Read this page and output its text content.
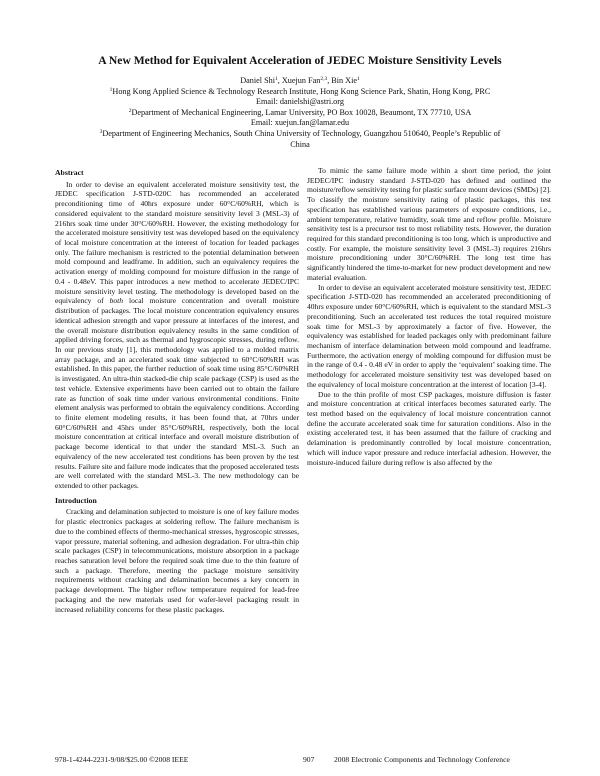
A New Method for Equivalent Acceleration of JEDEC Moisture Sensitivity Levels
Daniel Shi$^1$, Xuejun Fan$^{2,3}$, Bin Xie$^1$
$^1$Hong Kong Applied Science & Technology Research Institute, Hong Kong Science Park, Shatin, Hong Kong, PRC
Email: danielshi@astri.org
$^2$Department of Mechanical Engineering, Lamar University, PO Box 10028, Beaumont, TX 77710, USA
Email: xuejun.fan@lamar.edu
$^3$Department of Engineering Mechanics, South China University of Technology, Guangzhou 510640, People’s Republic of
China
Abstract

In order to devise an equivalent accelerated moisture sensitivity test, the JEDEC specification J-STD-020C has recommended an accelerated preconditioning time of 40hrs exposure under 60°C/60%RH, which is considered equivalent to the standard moisture sensitivity level 3 (MSL-3) of 216hrs soak time under 30°C/60%RH. However, the existing methodology for the accelerated moisture sensitivity test was developed based on the equivalency of local moisture concentration at the interest of location for leaded packages only. The failure mechanism is restricted to the potential delamination between mold compound and leadframe. In addition, such an equivalency requires the activation energy of molding compound for moisture diffusion in the range of 0.4 - 0.48eV. This paper introduces a new method to accelerate JEDEC/IPC moisture sensitivity level testing. The methodology is developed based on the equivalency of both local moisture concentration and overall moisture distribution of packages. The local moisture concentration equivalency ensures identical adhesion strength and vapor pressure at interfaces of the interest, and the overall moisture distribution equivalency results in the same condition of applied driving forces, such as thermal and hygroscopic stresses, during reflow. In our previous study [1], this methodology was applied to a molded matrix array package, and an accelerated soak time subjected to 60°C/60%RH was established. In this paper, the further reduction of soak time using 85°C/60%RH is investigated. An ultra-thin stacked-die chip scale package (CSP) is used as the test vehicle. Extensive experiments have been carried out to obtain the failure rate as function of soak time under various environmental conditions. Finite element analysis was performed to obtain the equivalency conditions. According to finite element modeling results, it has been found that, at 70hrs under 60°C/60%RH and 45hrs under 85°C/60%RH, respectively, both the local moisture concentration at critical interface and overall moisture distribution of package become identical to that under the standard MSL-3. Such an equivalency of the new accelerated test conditions has been proven by the test results. Failure site and failure mode indicates that the proposed accelerated tests are well correlated with the standard MSL-3. The new methodology can be extended to other packages.

Introduction

Cracking and delamination subjected to moisture is one of key failure modes for plastic electronics packages at soldering reflow. The failure mechanism is due to the combined effects of thermo-mechanical stresses, hygroscopic stresses, vapor pressure, material softening, and adhesion degradation. For ultra-thin chip scale packages (CSP) in telecommunications, moisture absorption in a package reaches saturation level before the required soak time due to the thin feature of such a package. Therefore, meeting the package moisture sensitivity requirements without cracking and delamination becomes a key concern in package development. The higher reflow temperature required for lead-free packaging and the new materials used for wafer-level packaging result in increased reliability concerns for these plastic packages.

To mimic the same failure mode within a short time period, the joint JEDEC/IPC industry standard J-STD-020 has defined and outlined the moisture/reflow sensitivity testing for plastic surface mount devices (SMDs) [2]. To classify the moisture sensitivity rating of plastic packages, this test specification has established various parameters of exposure conditions, i.e., ambient temperature, relative humidity, soak time and reflow profile. Moisture sensitivity test is a precursor test to most reliability tests. However, the duration required for this standard preconditioning is too long, which is unproductive and costly. For example, the moisture sensitivity level 3 (MSL-3) requires 216hrs moisture preconditioning under 30°C/60%RH. The long test time has significantly hindered the time-to-market for new product development and new material evaluation.

In order to devise an equivalent accelerated moisture sensitivity test, JEDEC specification J-STD-020 has recommended an accelerated preconditioning of 40hrs exposure under 60°C/60%RH, which is equivalent to the standard MSL-3 preconditioning. Such an accelerated test reduces the total required moisture soak time for MSL-3 by approximately a factor of five. However, the equivalency was established for leaded packages only with predominant failure mechanism of interface delamination between mold compound and leadframe. Furthermore, the activation energy of molding compound for diffusion must be in the range of 0.4 - 0.48 eV in order to apply the ‘equivalent’ soaking time. The methodology for accelerated moisture sensitivity test was developed based on the equivalency of local moisture concentration at the interest of location [3-4].

Due to the thin profile of most CSP packages, moisture diffusion is faster and moisture concentration at critical interfaces becomes saturated early. The test method based on the equivalency of local moisture concentration cannot define the accurate accelerated soak time for saturation conditions. Also in the existing accelerated test, it has been assumed that the failure of cracking and delamination is predominantly controlled by local moisture concentration, which will induce vapor pressure and reduce interfacial adhesion. However, the moisture-induced failure during reflow is also affected by the

978-1-4244-2231-9/08/$25.00 ©2008 IEEE	907	2008 Electronic Components and Technology Conference
